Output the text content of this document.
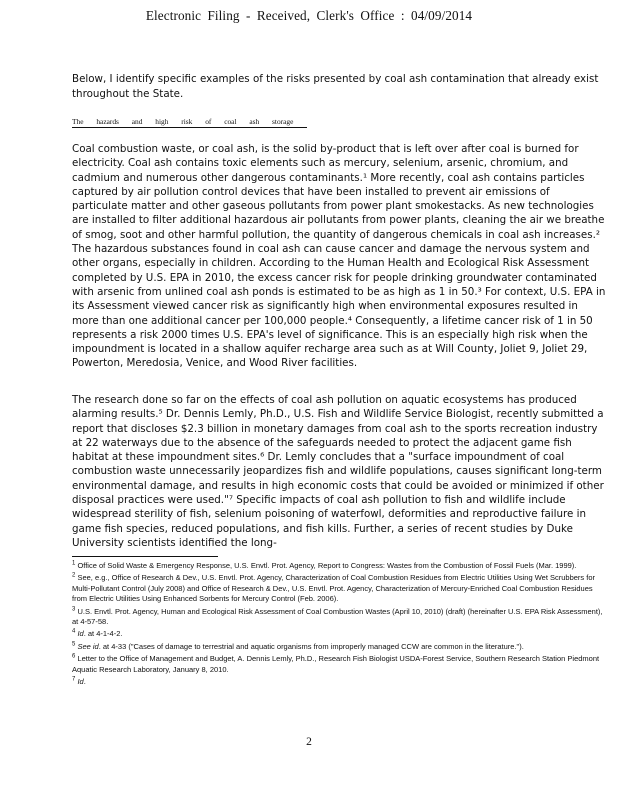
Electronic Filing - Received, Clerk's Office : 04/09/2014
Below, I identify specific examples of the risks presented by coal ash contamination that already exist throughout the State.
The hazards and high risk of coal ash storage
Coal combustion waste, or coal ash, is the solid by-product that is left over after coal is burned for electricity. Coal ash contains toxic elements such as mercury, selenium, arsenic, chromium, and cadmium and numerous other dangerous contaminants.¹ More recently, coal ash contains particles captured by air pollution control devices that have been installed to prevent air emissions of particulate matter and other gaseous pollutants from power plant smokestacks. As new technologies are installed to filter additional hazardous air pollutants from power plants, cleaning the air we breathe of smog, soot and other harmful pollution, the quantity of dangerous chemicals in coal ash increases.² The hazardous substances found in coal ash can cause cancer and damage the nervous system and other organs, especially in children. According to the Human Health and Ecological Risk Assessment completed by U.S. EPA in 2010, the excess cancer risk for people drinking groundwater contaminated with arsenic from unlined coal ash ponds is estimated to be as high as 1 in 50.³ For context, U.S. EPA in its Assessment viewed cancer risk as significantly high when environmental exposures resulted in more than one additional cancer per 100,000 people.⁴ Consequently, a lifetime cancer risk of 1 in 50 represents a risk 2000 times U.S. EPA's level of significance. This is an especially high risk when the impoundment is located in a shallow aquifer recharge area such as at Will County, Joliet 9, Joliet 29, Powerton, Meredosia, Venice, and Wood River facilities.
The research done so far on the effects of coal ash pollution on aquatic ecosystems has produced alarming results.⁵ Dr. Dennis Lemly, Ph.D., U.S. Fish and Wildlife Service Biologist, recently submitted a report that discloses $2.3 billion in monetary damages from coal ash to the sports recreation industry at 22 waterways due to the absence of the safeguards needed to protect the adjacent game fish habitat at these impoundment sites.⁶ Dr. Lemly concludes that a "surface impoundment of coal combustion waste unnecessarily jeopardizes fish and wildlife populations, causes significant long-term environmental damage, and results in high economic costs that could be avoided or minimized if other disposal practices were used."⁷ Specific impacts of coal ash pollution to fish and wildlife include widespread sterility of fish, selenium poisoning of waterfowl, deformities and reproductive failure in game fish species, reduced populations, and fish kills. Further, a series of recent studies by Duke University scientists identified the long-
$^1$ Office of Solid Waste & Emergency Response, U.S. Envtl. Prot. Agency, Report to Congress: Wastes from the Combustion of Fossil Fuels (Mar. 1999).
$^2$ See, e.g., Office of Research & Dev., U.S. Envtl. Prot. Agency, Characterization of Coal Combustion Residues from Electric Utilities Using Wet Scrubbers for Multi-Pollutant Control (July 2008) and Office of Research & Dev., U.S. Envtl. Prot. Agency, Characterization of Mercury-Enriched Coal Combustion Residues from Electric Utilities Using Enhanced Sorbents for Mercury Control (Feb. 2006).
$^3$ U.S. Envtl. Prot. Agency, Human and Ecological Risk Assessment of Coal Combustion Wastes (April 10, 2010) (draft) (hereinafter U.S. EPA Risk Assessment), at 4-57-58.
$^4$ Id. at 4-1-4-2.
$^5$ See id. at 4-33 ("Cases of damage to terrestrial and aquatic organisms from improperly managed CCW are common in the literature.").
$^6$ Letter to the Office of Management and Budget, A. Dennis Lemly, Ph.D., Research Fish Biologist USDA-Forest Service, Southern Research Station Piedmont Aquatic Research Laboratory, January 8, 2010.
$^7$ Id.
2
